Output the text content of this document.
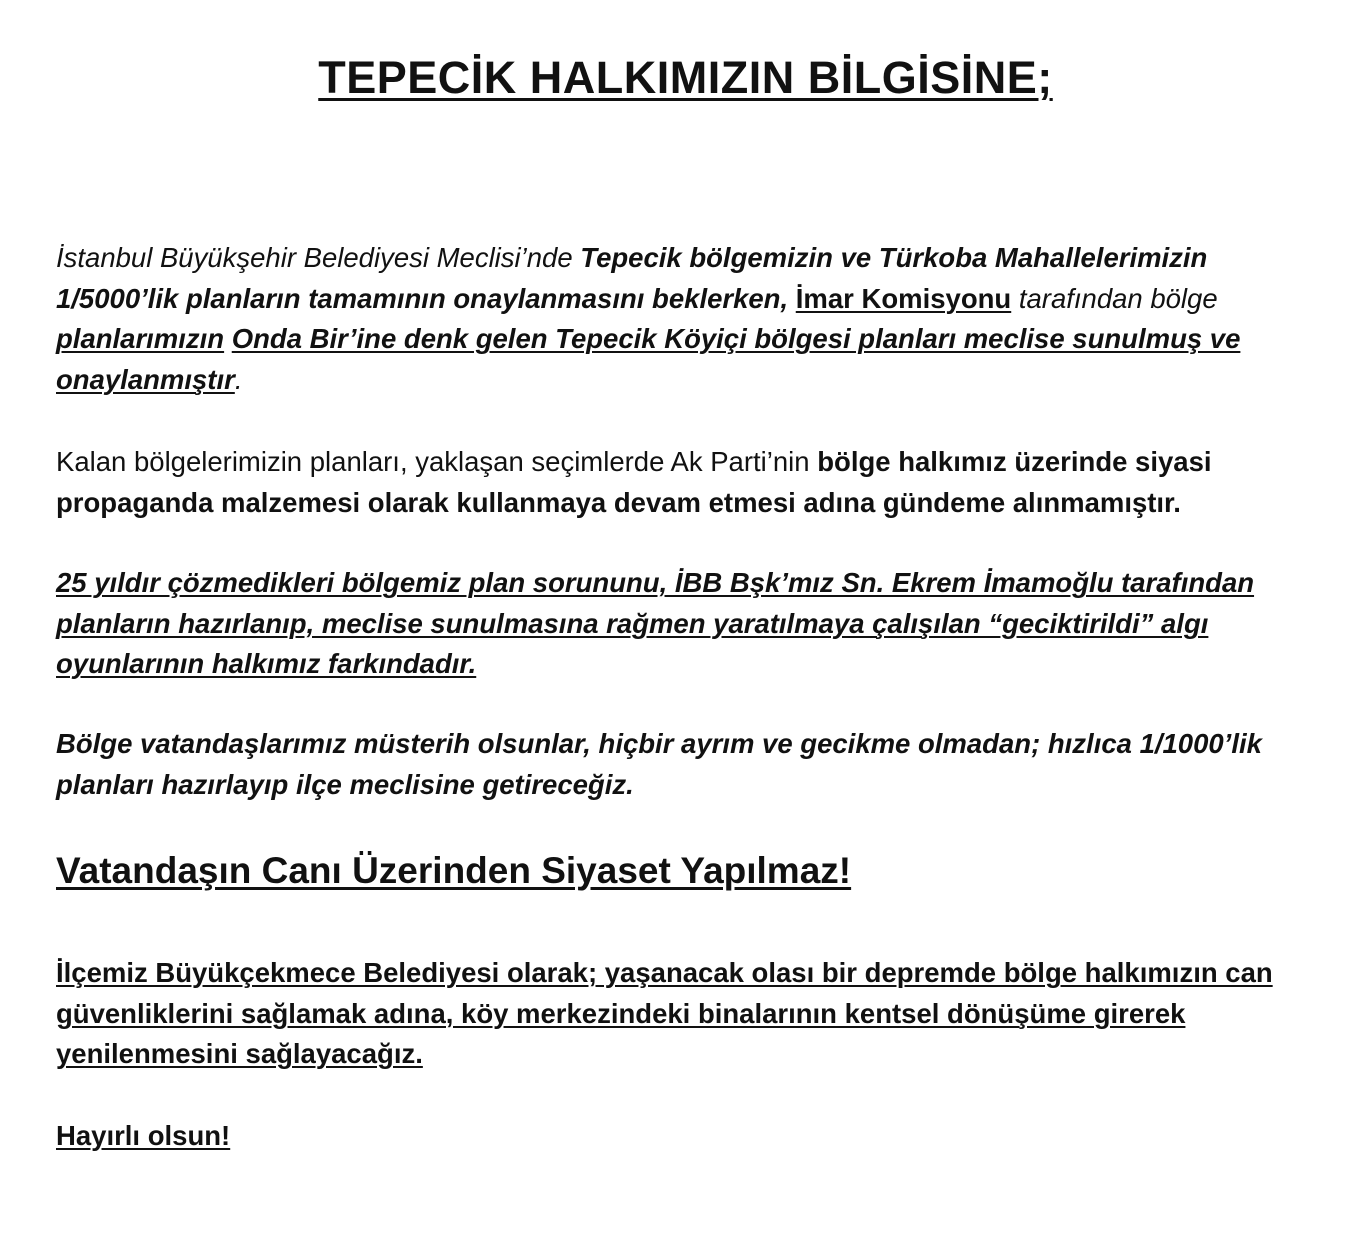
TEPECİK HALKIMIZIN BİLGİSİNE;

İstanbul Büyükşehir Belediyesi Meclisi’nde Tepecik bölgemizin ve Türkoba Mahallelerimizin 1/5000’lik planların tamamının onaylanmasını beklerken, İmar Komisyonu tarafından bölge planlarımızın Onda Bir’ine denk gelen Tepecik Köyiçi bölgesi planları meclise sunulmuş ve onaylanmıştır.

Kalan bölgelerimizin planları, yaklaşan seçimlerde Ak Parti’nin bölge halkımız üzerinde siyasi propaganda malzemesi olarak kullanmaya devam etmesi adına gündeme alınmamıştır.

25 yıldır çözmedikleri bölgemiz plan sorununu, İBB Bşk’mız Sn. Ekrem İmamoğlu tarafından planların hazırlanıp, meclise sunulmasına rağmen yaratılmaya çalışılan “geciktirildi” algı oyunlarının halkımız farkındadır.

Bölge vatandaşlarımız müsterih olsunlar, hiçbir ayrım ve gecikme olmadan; hızlıca 1/1000’lik planları hazırlayıp ilçe meclisine getireceğiz.

Vatandaşın Canı Üzerinden Siyaset Yapılmaz!

İlçemiz Büyükçekmece Belediyesi olarak; yaşanacak olası bir depremde bölge halkımızın can güvenliklerini sağlamak adına, köy merkezindeki binalarının kentsel dönüşüme girerek yenilenmesini sağlayacağız.

Hayırlı olsun!
